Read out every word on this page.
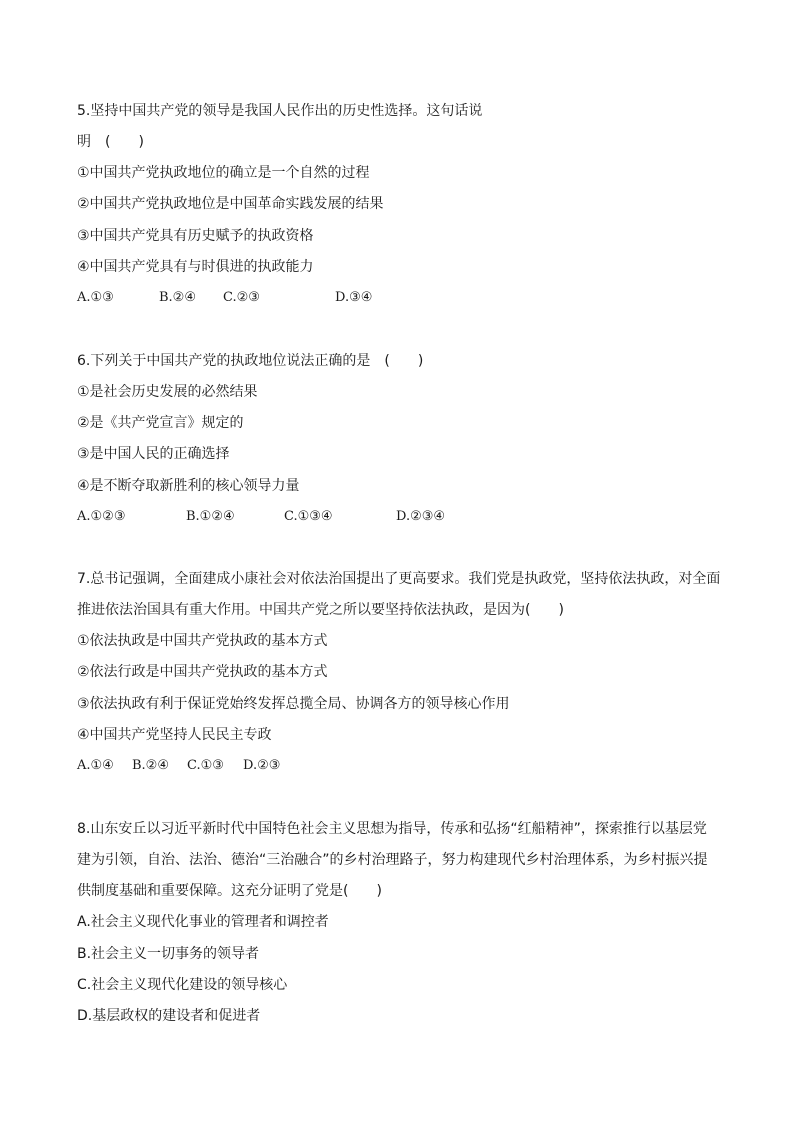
5.坚持中国共产党的领导是我国人民作出的历史性选择。这句话说
明　(　　)
①中国共产党执政地位的确立是一个自然的过程
②中国共产党执政地位是中国革命实践发展的结果
③中国共产党具有历史赋予的执政资格
④中国共产党具有与时俱进的执政能力
A.①③	B.②④ C.②③	D.③④
6.下列关于中国共产党的执政地位说法正确的是　(　　)
①是社会历史发展的必然结果
②是《共产党宣言》规定的
③是中国人民的正确选择
④是不断夺取新胜利的核心领导力量
A.①②③	B.①②④	C.①③④	D.②③④
7.总书记强调，全面建成小康社会对依法治国提出了更高要求。我们党是执政党，坚持依法执政，对全面
推进依法治国具有重大作用。中国共产党之所以要坚持依法执政，是因为(　　)
①依法执政是中国共产党执政的基本方式
②依法行政是中国共产党执政的基本方式
③依法执政有利于保证党始终发挥总揽全局、协调各方的领导核心作用
④中国共产党坚持人民民主专政
A.①④ B.②④ C.①③ D.②③
8.山东安丘以习近平新时代中国特色社会主义思想为指导，传承和弘扬“红船精神”，探索推行以基层党
建为引领，自治、法治、德治“三治融合”的乡村治理路子，努力构建现代乡村治理体系，为乡村振兴提
供制度基础和重要保障。这充分证明了党是(　　)
A.社会主义现代化事业的管理者和调控者
B.社会主义一切事务的领导者
C.社会主义现代化建设的领导核心
D.基层政权的建设者和促进者
